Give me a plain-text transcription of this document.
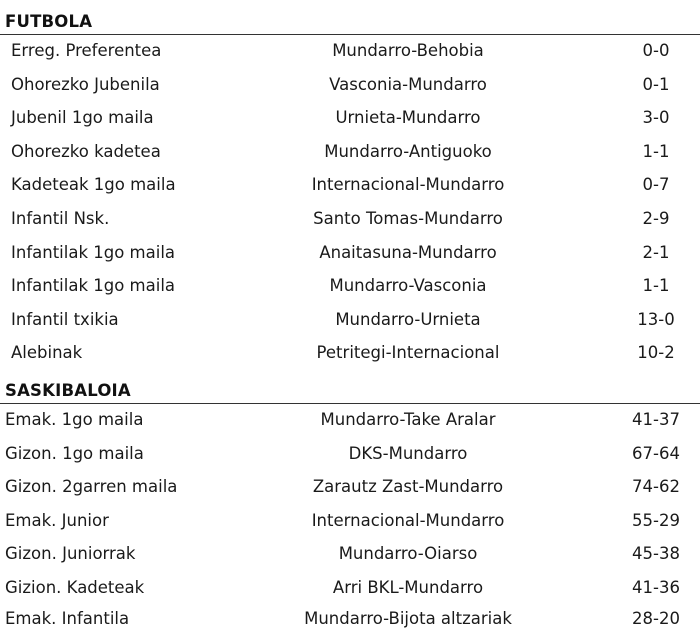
FUTBOLA
Erreg. Preferentea	Mundarro-Behobia	0-0
Ohorezko Jubenila	Vasconia-Mundarro	0-1
Jubenil 1go maila	Urnieta-Mundarro	3-0
Ohorezko kadetea	Mundarro-Antiguoko	1-1
Kadeteak 1go maila	Internacional-Mundarro	0-7
Infantil Nsk.	Santo Tomas-Mundarro	2-9
Infantilak 1go maila	Anaitasuna-Mundarro	2-1
Infantilak 1go maila	Mundarro-Vasconia	1-1
Infantil txikia	Mundarro-Urnieta	13-0
Alebinak	Petritegi-Internacional	10-2
SASKIBALOIA
Emak. 1go maila	Mundarro-Take Aralar	41-37
Gizon. 1go maila	DKS-Mundarro	67-64
Gizon. 2garren maila	Zarautz Zast-Mundarro	74-62
Emak. Junior	Internacional-Mundarro	55-29
Gizon. Juniorrak	Mundarro-Oiarso	45-38
Gizion. Kadeteak	Arri BKL-Mundarro	41-36
Emak. Infantila	Mundarro-Bijota altzariak	28-20
